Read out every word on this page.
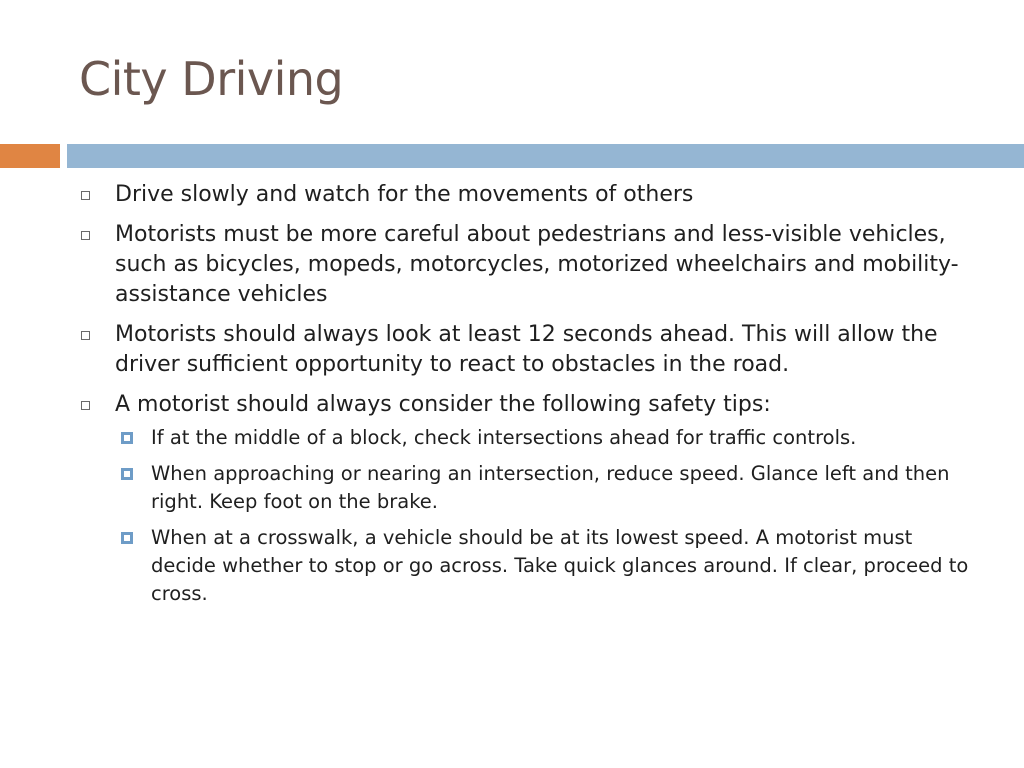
City Driving
Drive slowly and watch for the movements of others
Motorists must be more careful about pedestrians and less-visible vehicles, such as bicycles, mopeds, motorcycles, motorized wheelchairs and mobility-assistance vehicles
Motorists should always look at least 12 seconds ahead. This will allow the driver sufficient opportunity to react to obstacles in the road.
A motorist should always consider the following safety tips:
If at the middle of a block, check intersections ahead for traffic controls.
When approaching or nearing an intersection, reduce speed. Glance left and then right. Keep foot on the brake.
When at a crosswalk, a vehicle should be at its lowest speed. A motorist must decide whether to stop or go across. Take quick glances around. If clear, proceed to cross.
